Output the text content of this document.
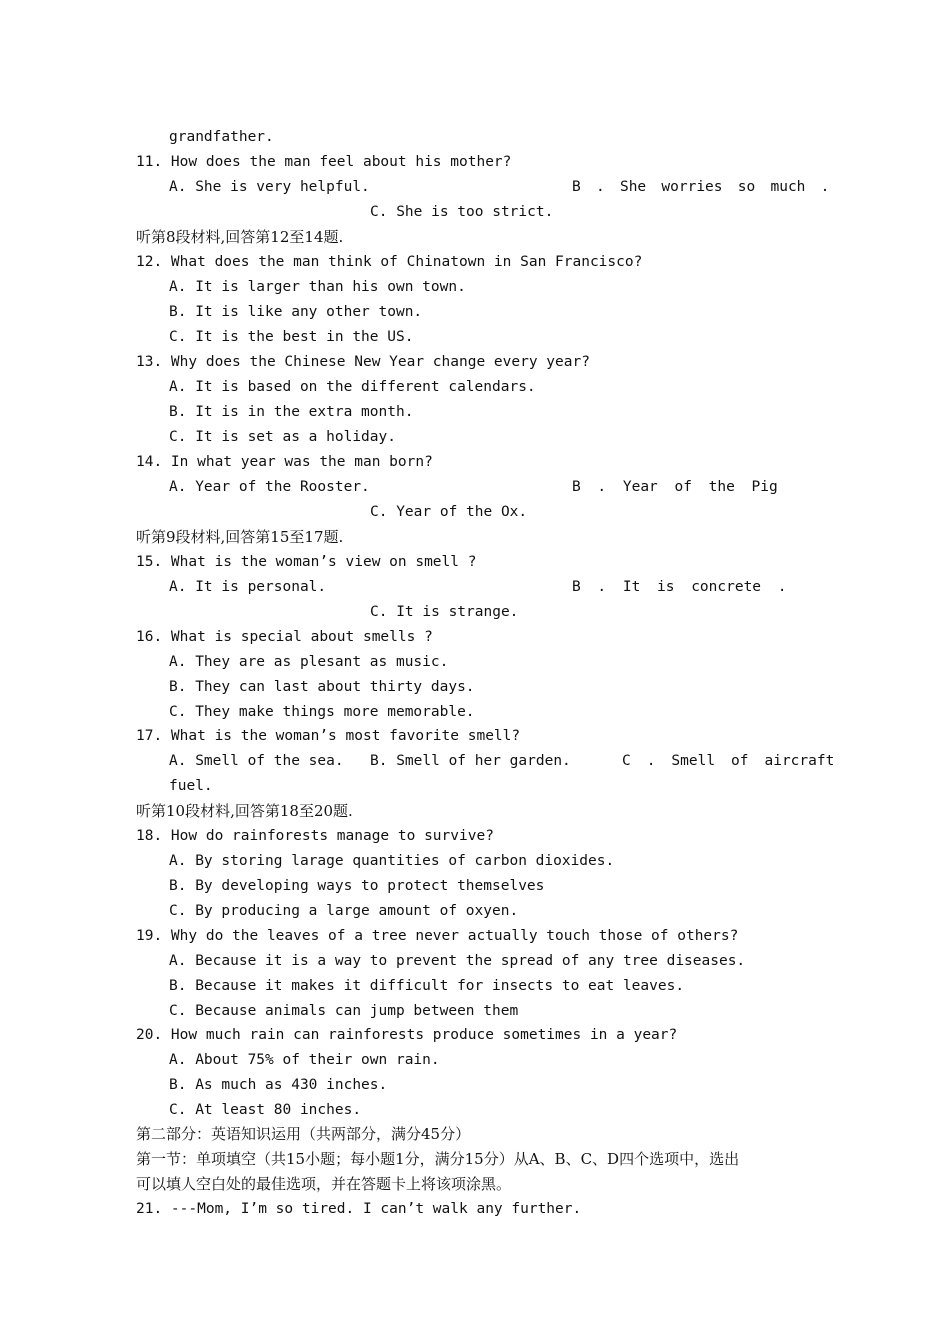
grandfather.
11. How does the man feel about his mother?
A. She is very helpful.	B . She worries so much .
C. She is too strict.
听第8段材料,回答第12至14题.
12. What does the man think of Chinatown in San Francisco?
A. It is larger than his own town.
B. It is like any other town.
C. It is the best in the US.
13. Why does the Chinese New Year change every year?
A. It is based on the different calendars.
B. It is in the extra month.
C. It is set as a holiday.
14. In what year was the man born?
A. Year of the Rooster.	B . Year of the Pig
C. Year of the Ox.
听第9段材料,回答第15至17题.
15. What is the woman’s view on smell ?
A. It is personal.	B . It is concrete .
C. It is strange.
16. What is special about smells ?
A. They are as plesant as music.
B. They can last about thirty days.
C. They make things more memorable.
17. What is the woman’s most favorite smell?
A. Smell of the sea.	B. Smell of her garden.	C . Smell of aircraft
fuel.
听第10段材料,回答第18至20题.
18. How do rainforests manage to survive?
A. By storing larage quantities of carbon dioxides.
B. By developing ways to protect themselves
C. By producing a large amount of oxyen.
19. Why do the leaves of a tree never actually touch those of others?
A. Because it is a way to prevent the spread of any tree diseases.
B. Because it makes it difficult for insects to eat leaves.
C. Because animals can jump between them
20. How much rain can rainforests produce sometimes in a year?
A. About 75% of their own rain.
B. As much as 430 inches.
C. At least 80 inches.
第二部分：英语知识运用（共两部分，满分45分）
第一节：单项填空（共15小题；每小题1分，满分15分）从A、B、C、D四个选项中，选出
可以填人空白处的最佳选项，并在答题卡上将该项涂黑。
21. ---Mom, I’m so tired. I can’t walk any further.
